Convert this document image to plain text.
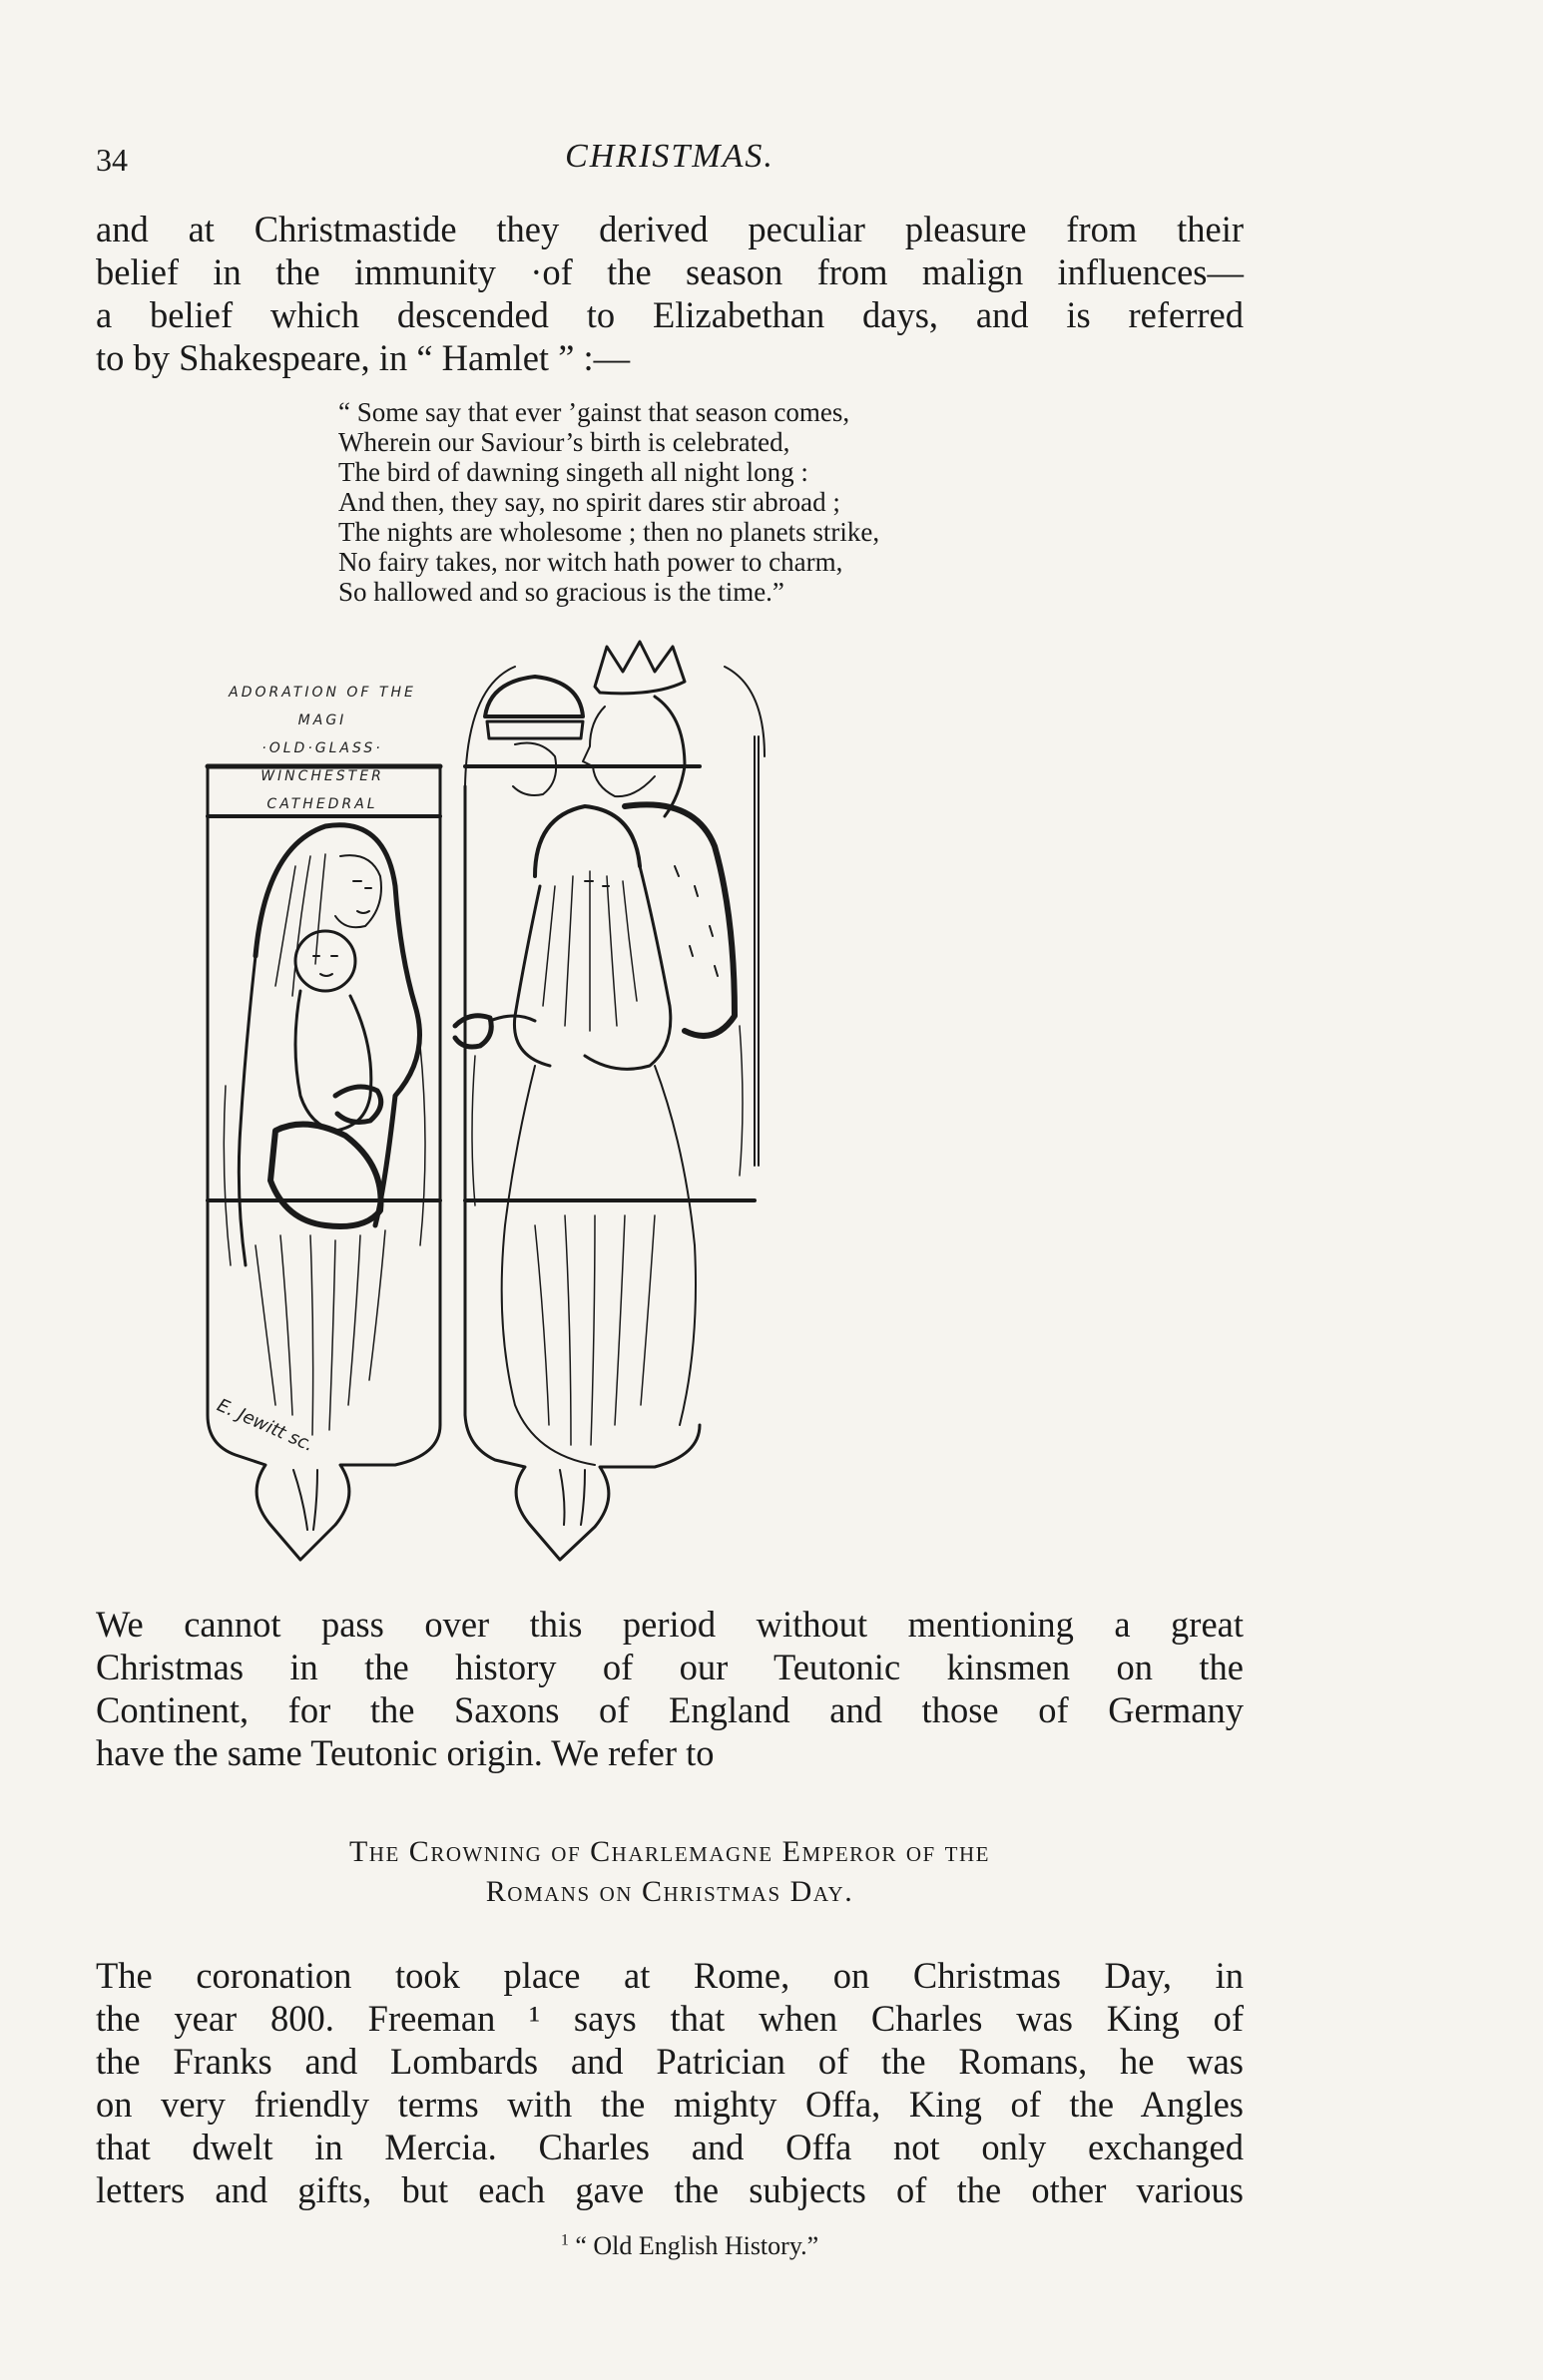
34	CHRISTMAS.

and at Christmastide they derived peculiar pleasure from their
belief in the immunity ·of the season from malign influences—
a belief which descended to Elizabethan days, and is referred
to by Shakespeare, in “ Hamlet ” :—

“ Some say that ever ’gainst that season comes,
Wherein our Saviour’s birth is celebrated,
The bird of dawning singeth all night long :
And then, they say, no spirit dares stir abroad ;
The nights are wholesome ; then no planets strike,
No fairy takes, nor witch hath power to charm,
So hallowed and so gracious is the time.”
ADORATION OF THE MAGI
·OLD·GLASS·
WINCHESTER CATHEDRAL
E. Jewitt sc.

We cannot pass over this period without mentioning a great
Christmas in the history of our Teutonic kinsmen on the
Continent, for the Saxons of England and those of Germany
have the same Teutonic origin. We refer to

The Crowning of Charlemagne Emperor of the
Romans on Christmas Day.

The coronation took place at Rome, on Christmas Day, in
the year 800. Freeman ¹ says that when Charles was King of
the Franks and Lombards and Patrician of the Romans, he was
on very friendly terms with the mighty Offa, King of the Angles
that dwelt in Mercia. Charles and Offa not only exchanged
letters and gifts, but each gave the subjects of the other various

$^1$ “ Old English History.”
